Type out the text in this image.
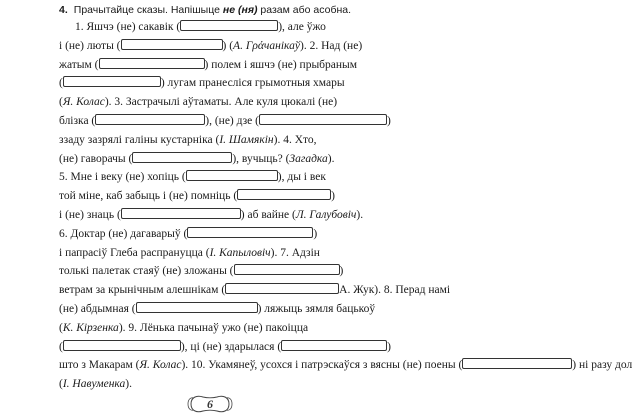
4. Прачытайце сказы. Напішыце не (ня) разам або асобна.
1. Яшчэ (не) сакавік (	), але ўжо
і (не) люты (	) (А. Гράчанікаў). 2. Над (не)
жатым (	) полем і яшчэ (не) прыбраным
(	) лугам пранесліся грымотныя хмары
(Я. Колас). 3. Застрачылі аўтаматы. Але куля цюкалі (не)
блізка (	), (не) дзе (	)
ззаду зазрялі галіны кустарніка (І. Шамякін). 4. Хто,
(не) гаворачы (	), вучыць? (Загадка).
5. Мне і веку (не) хопіць (	), ды і век
той міне, каб забыць і (не) помніць (	)
і (не) знаць (	) аб вайне (Л. Галубовіч).
6. Доктар (не) дагаварыў (	)
і папрасіў Глеба распрануцца (І. Капыловіч). 7. Адзін
толькі палетак стаяў (не) зложаны (	)
ветрам за крынічным алешнікам (	А. Жук). 8. Перад намі
(не) абдымная (	) ляжыць зямля бацькоў
(К. Кірзенка). 9. Лёнька пачынаў ужо (не) пакоіцца
(	), ці (не) здарылася (	)
што з Макарам (Я. Колас). 10. Укамянеў, усохся і патрэскаўся з вясны (не) поены (	) ні разу дол
(І. Навуменка).
6
